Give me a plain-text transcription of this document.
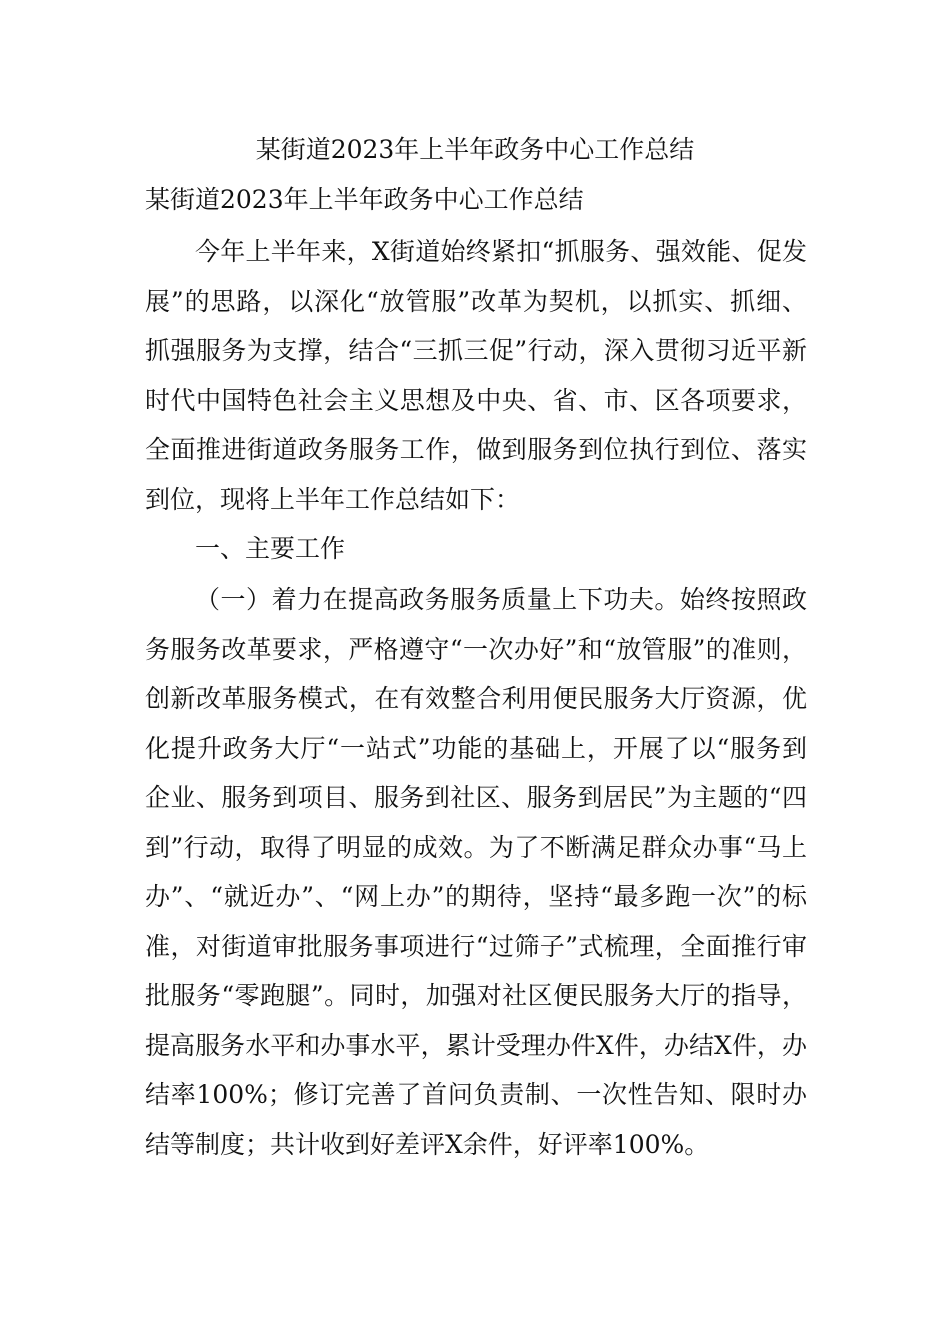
某街道2023年上半年政务中心工作总结
某街道2023年上半年政务中心工作总结

今年上半年来，X街道始终紧扣“抓服务、强效能、促发展”的思路，以深化“放管服”改革为契机，以抓实、抓细、抓强服务为支撑，结合“三抓三促”行动，深入贯彻习近平新时代中国特色社会主义思想及中央、省、市、区各项要求，全面推进街道政务服务工作，做到服务到位执行到位、落实到位，现将上半年工作总结如下：

一、主要工作

（一）着力在提高政务服务质量上下功夫。始终按照政务服务改革要求，严格遵守“一次办好”和“放管服”的准则，创新改革服务模式，在有效整合利用便民服务大厅资源，优化提升政务大厅“一站式”功能的基础上，开展了以“服务到企业、服务到项目、服务到社区、服务到居民”为主题的“四到”行动，取得了明显的成效。为了不断满足群众办事“马上办”、“就近办”、“网上办”的期待，坚持“最多跑一次”的标准，对街道审批服务事项进行“过筛子”式梳理，全面推行审批服务“零跑腿”。同时，加强对社区便民服务大厅的指导，提高服务水平和办事水平，累计受理办件X件，办结X件，办结率100%；修订完善了首问负责制、一次性告知、限时办结等制度；共计收到好差评X余件，好评率100%。
